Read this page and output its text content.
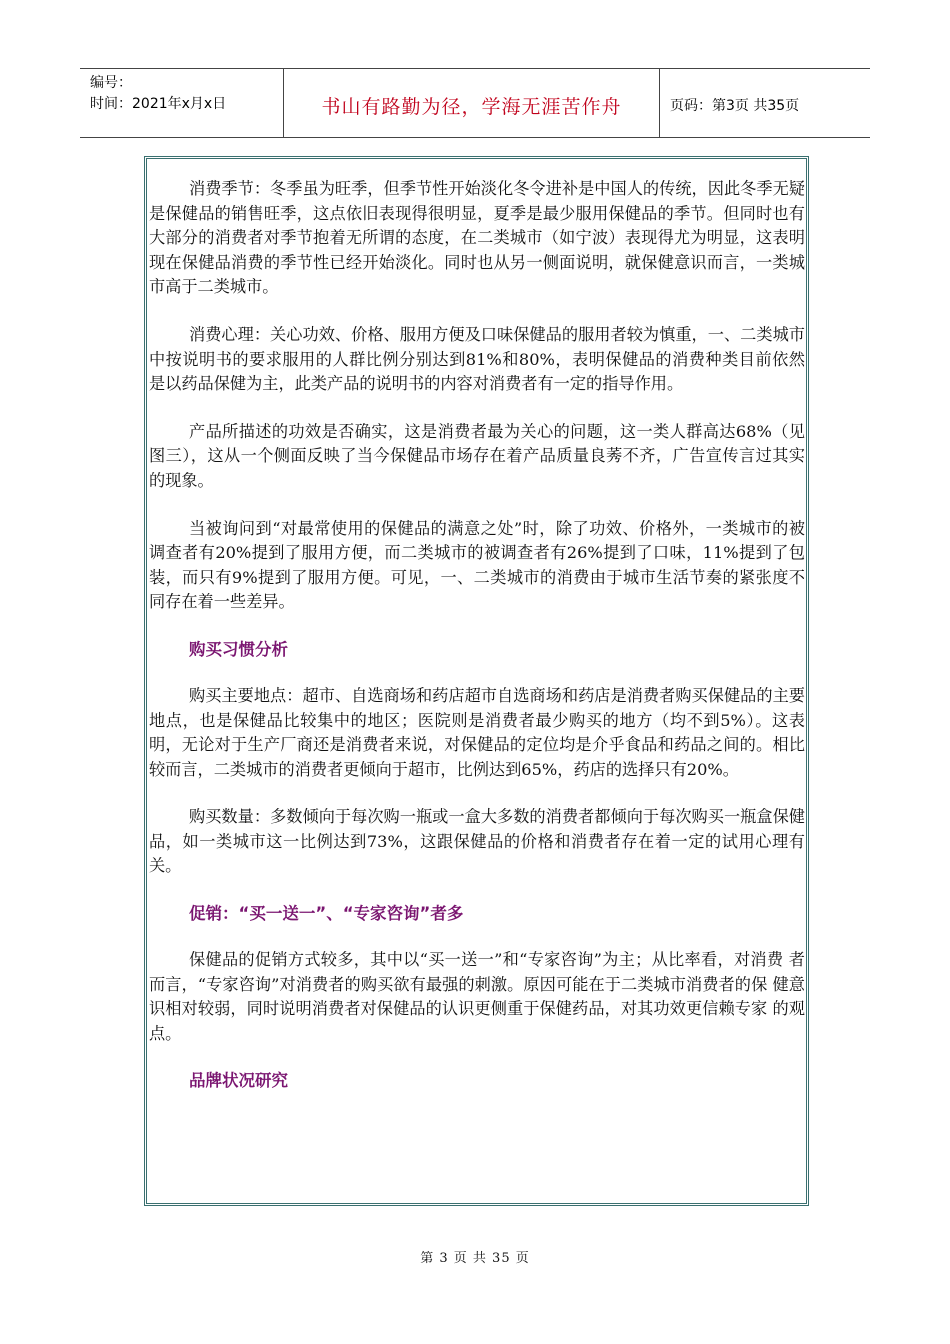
编号：
时间：2021年x月x日	书山有路勤为径，学海无涯苦作舟	页码：第3页 共35页

消费季节：冬季虽为旺季，但季节性开始淡化冬令进补是中国人的传统，因此冬季无疑 是保健品的销售旺季，这点依旧表现得很明显，夏季是最少服用保健品的季节。但同时也有 大部分的消费者对季节抱着无所谓的态度，在二类城市（如宁波）表现得尤为明显，这表明 现在保健品消费的季节性已经开始淡化。同时也从另一侧面说明，就保健意识而言，一类城 市高于二类城市。

消费心理：关心功效、价格、服用方便及口味保健品的服用者较为慎重，一、二类城市 中按说明书的要求服用的人群比例分别达到81%和80%，表明保健品的消费种类目前依然 是以药品保健为主，此类产品的说明书的内容对消费者有一定的指导作用。

产品所描述的功效是否确实，这是消费者最为关心的问题，这一类人群高达68%（见 图三），这从一个侧面反映了当今保健品市场存在着产品质量良莠不齐，广告宣传言过其实 的现象。

当被询问到“对最常使用的保健品的满意之处”时，除了功效、价格外，一类城市的被 调查者有20%提到了服用方便，而二类城市的被调查者有26%提到了口味，11%提到了包 装，而只有9%提到了服用方便。可见，一、二类城市的消费由于城市生活节奏的紧张度不 同存在着一些差异。

购买习惯分析

购买主要地点：超市、自选商场和药店超市自选商场和药店是消费者购买保健品的主要 地点，也是保健品比较集中的地区；医院则是消费者最少购买的地方（均不到5%）。这表 明，无论对于生产厂商还是消费者来说，对保健品的定位均是介乎食品和药品之间的。相比 较而言，二类城市的消费者更倾向于超市，比例达到65%，药店的选择只有20%。

购买数量：多数倾向于每次购一瓶或一盒大多数的消费者都倾向于每次购买一瓶盒保健 品，如一类城市这一比例达到73%，这跟保健品的价格和消费者存在着一定的试用心理有 关。

促销：“买一送一”、“专家咨询”者多

保健品的促销方式较多，其中以“买一送一”和“专家咨询”为主；从比率看，对消费 者而言，“专家咨询”对消费者的购买欲有最强的刺激。原因可能在于二类城市消费者的保 健意识相对较弱，同时说明消费者对保健品的认识更侧重于保健药品，对其功效更信赖专家 的观点。

品牌状况研究
第 3 页 共 35 页
